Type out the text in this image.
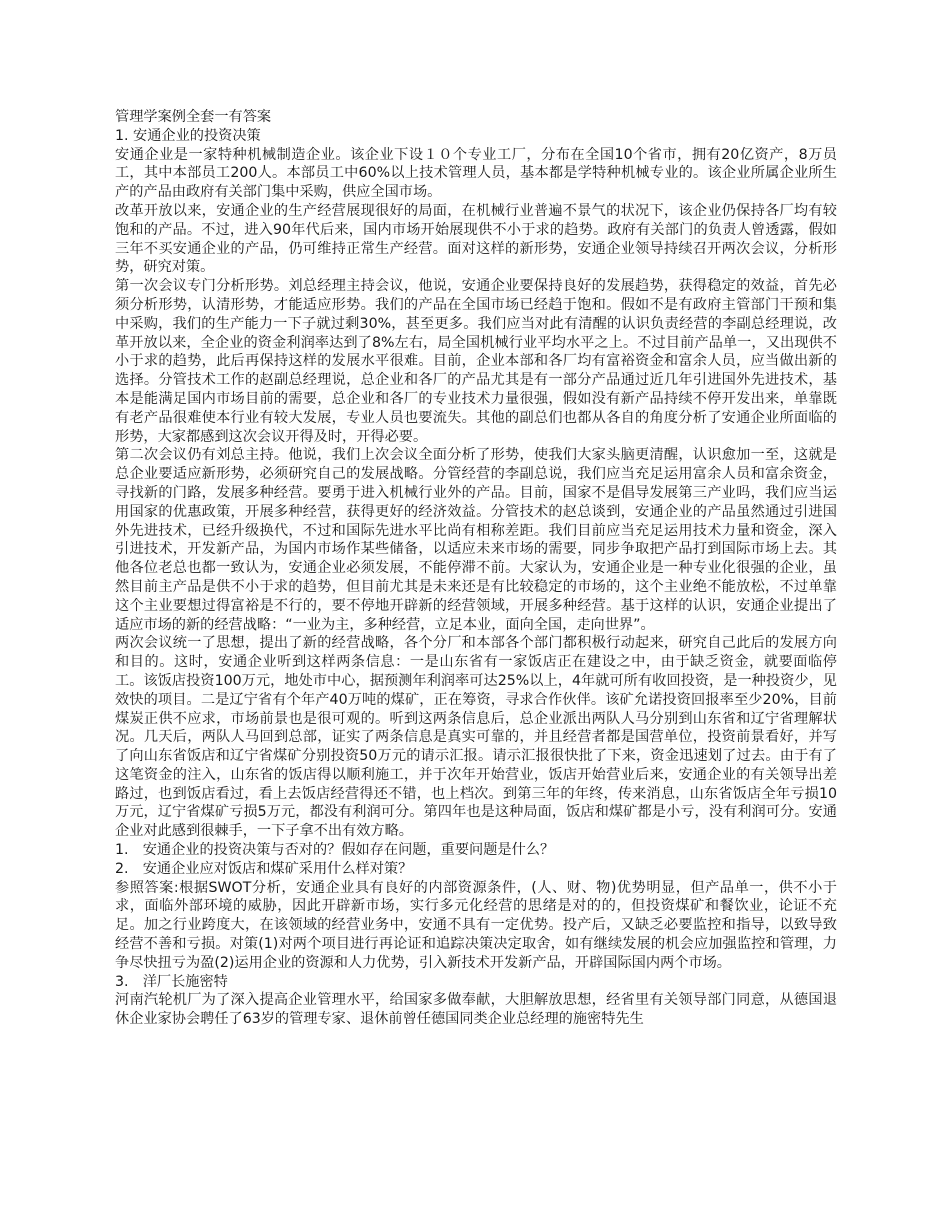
管理学案例全套一有答案

1. 安通企业的投资决策

安通企业是一家特种机械制造企业。该企业下设１０个专业工厂，分布在全国10个省市，拥有20亿资产，8万员工，其中本部员工200人。本部员工中60%以上技术管理人员，基本都是学特种机械专业的。该企业所属企业所生产的产品由政府有关部门集中采购，供应全国市场。

改革开放以来，安通企业的生产经营展现很好的局面，在机械行业普遍不景气的状况下，该企业仍保持各厂均有较饱和的产品。不过，进入90年代后来，国内市场开始展现供不小于求的趋势。政府有关部门的负责人曾透露，假如三年不买安通企业的产品，仍可维持正常生产经营。面对这样的新形势，安通企业领导持续召开两次会议，分析形势，研究对策。

第一次会议专门分析形势。刘总经理主持会议，他说，安通企业要保持良好的发展趋势，获得稳定的效益，首先必须分析形势，认清形势，才能适应形势。我们的产品在全国市场已经趋于饱和。假如不是有政府主管部门干预和集中采购，我们的生产能力一下子就过剩30%，甚至更多。我们应当对此有清醒的认识负责经营的李副总经理说，改革开放以来，全企业的资金利润率达到了8%左右，局全国机械行业平均水平之上。不过目前产品单一，又出现供不小于求的趋势，此后再保持这样的发展水平很难。目前，企业本部和各厂均有富裕资金和富余人员，应当做出新的选择。分管技术工作的赵副总经理说，总企业和各厂的产品尤其是有一部分产品通过近几年引进国外先进技术，基本是能满足国内市场目前的需要，总企业和各厂的专业技术力量很强，假如没有新产品持续不停开发出来，单靠既有老产品很难使本行业有较大发展，专业人员也要流失。其他的副总们也都从各自的角度分析了安通企业所面临的形势，大家都感到这次会议开得及时，开得必要。

第二次会议仍有刘总主持。他说，我们上次会议全面分析了形势，使我们大家头脑更清醒，认识愈加一至，这就是总企业要适应新形势，必须研究自己的发展战略。分管经营的李副总说，我们应当充足运用富余人员和富余资金，寻找新的门路，发展多种经营。要勇于进入机械行业外的产品。目前，国家不是倡导发展第三产业吗，我们应当运用国家的优惠政策，开展多种经营，获得更好的经济效益。分管技术的赵总谈到，安通企业的产品虽然通过引进国外先进技术，已经升级换代，不过和国际先进水平比尚有相称差距。我们目前应当充足运用技术力量和资金，深入引进技术，开发新产品，为国内市场作某些储备，以适应未来市场的需要，同步争取把产品打到国际市场上去。其他各位老总也都一致认为，安通企业必须发展，不能停滞不前。大家认为，安通企业是一种专业化很强的企业，虽然目前主产品是供不小于求的趋势，但目前尤其是未来还是有比较稳定的市场的，这个主业绝不能放松，不过单靠这个主业要想过得富裕是不行的，要不停地开辟新的经营领域，开展多种经营。基于这样的认识，安通企业提出了适应市场的新的经营战略：“一业为主，多种经营，立足本业，面向全国，走向世界”。

两次会议统一了思想，提出了新的经营战略，各个分厂和本部各个部门都积极行动起来，研究自己此后的发展方向和目的。这时，安通企业听到这样两条信息：一是山东省有一家饭店正在建设之中，由于缺乏资金，就要面临停工。该饭店投资100万元，地处市中心，据预测年利润率可达25%以上，4年就可所有收回投资，是一种投资少，见效快的项目。二是辽宁省有个年产40万吨的煤矿，正在筹资，寻求合作伙伴。该矿允诺投资回报率至少20%，目前煤炭正供不应求，市场前景也是很可观的。听到这两条信息后，总企业派出两队人马分别到山东省和辽宁省理解状况。几天后，两队人马回到总部，证实了两条信息是真实可靠的，并且经营者都是国营单位，投资前景看好，并写了向山东省饭店和辽宁省煤矿分别投资50万元的请示汇报。请示汇报很快批了下来，资金迅速划了过去。由于有了这笔资金的注入，山东省的饭店得以顺利施工，并于次年开始营业，饭店开始营业后来，安通企业的有关领导出差路过，也到饭店看过，看上去饭店经营得还不错，也上档次。到第三年的年终，传来消息，山东省饭店全年亏损10万元，辽宁省煤矿亏损5万元，都没有利润可分。第四年也是这种局面，饭店和煤矿都是小亏，没有利润可分。安通企业对此感到很棘手，一下子拿不出有效方略。

1.　安通企业的投资决策与否对的？假如存在问题，重要问题是什么？

2.　安通企业应对饭店和煤矿采用什么样对策？

参照答案:根据SWOT分析，安通企业具有良好的内部资源条件，(人、财、物)优势明显，但产品单一，供不小于求，面临外部环境的威胁，因此开辟新市场，实行多元化经营的思绪是对的的，但投资煤矿和餐饮业，论证不充足。加之行业跨度大，在该领域的经营业务中，安通不具有一定优势。投产后，又缺乏必要监控和指导，以致导致经营不善和亏损。对策(1)对两个项目进行再论证和追踪决策决定取舍，如有继续发展的机会应加强监控和管理，力争尽快扭亏为盈(2)运用企业的资源和人力优势，引入新技术开发新产品，开辟国际国内两个市场。

3.　洋厂长施密特

河南汽轮机厂为了深入提高企业管理水平，给国家多做奉献，大胆解放思想，经省里有关领导部门同意，从德国退休企业家协会聘任了63岁的管理专家、退休前曾任德国同类企业总经理的施密特先生
